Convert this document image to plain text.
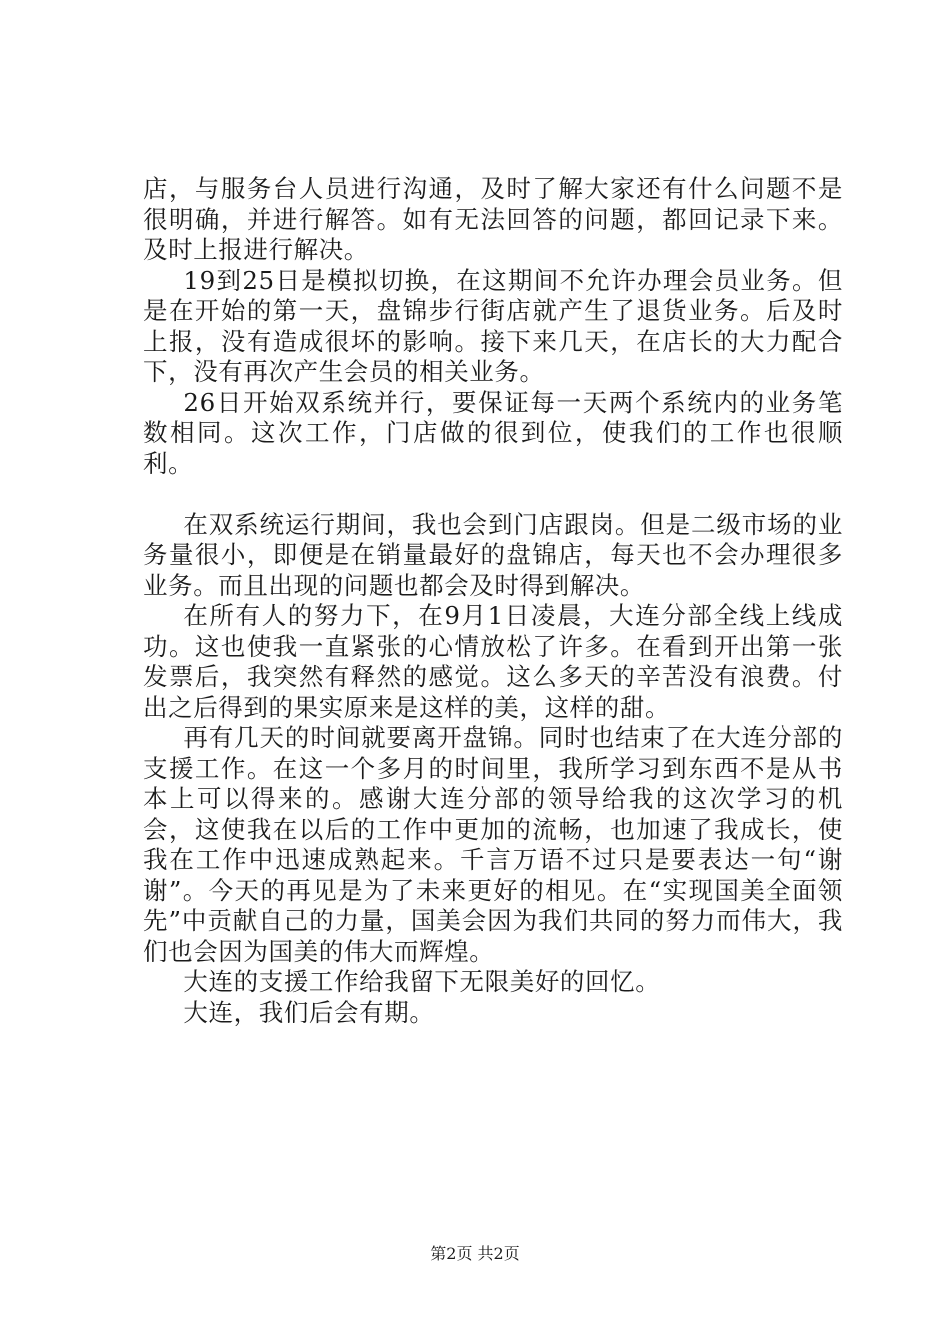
店，与服务台人员进行沟通，及时了解大家还有什么问题不是很明确，并进行解答。如有无法回答的问题，都回记录下来。及时上报进行解决。

19到25日是模拟切换，在这期间不允许办理会员业务。但是在开始的第一天，盘锦步行街店就产生了退货业务。后及时上报，没有造成很坏的影响。接下来几天，在店长的大力配合下，没有再次产生会员的相关业务。

26日开始双系统并行，要保证每一天两个系统内的业务笔数相同。这次工作，门店做的很到位，使我们的工作也很顺利。

在双系统运行期间，我也会到门店跟岗。但是二级市场的业务量很小，即便是在销量最好的盘锦店，每天也不会办理很多业务。而且出现的问题也都会及时得到解决。

在所有人的努力下，在9月1日凌晨，大连分部全线上线成功。这也使我一直紧张的心情放松了许多。在看到开出第一张发票后，我突然有释然的感觉。这么多天的辛苦没有浪费。付出之后得到的果实原来是这样的美，这样的甜。

再有几天的时间就要离开盘锦。同时也结束了在大连分部的支援工作。在这一个多月的时间里，我所学习到东西不是从书本上可以得来的。感谢大连分部的领导给我的这次学习的机会，这使我在以后的工作中更加的流畅，也加速了我成长，使我在工作中迅速成熟起来。千言万语不过只是要表达一句“谢谢”。今天的再见是为了未来更好的相见。在“实现国美全面领先”中贡献自己的力量，国美会因为我们共同的努力而伟大，我们也会因为国美的伟大而辉煌。

大连的支援工作给我留下无限美好的回忆。

大连，我们后会有期。

第2页 共2页
